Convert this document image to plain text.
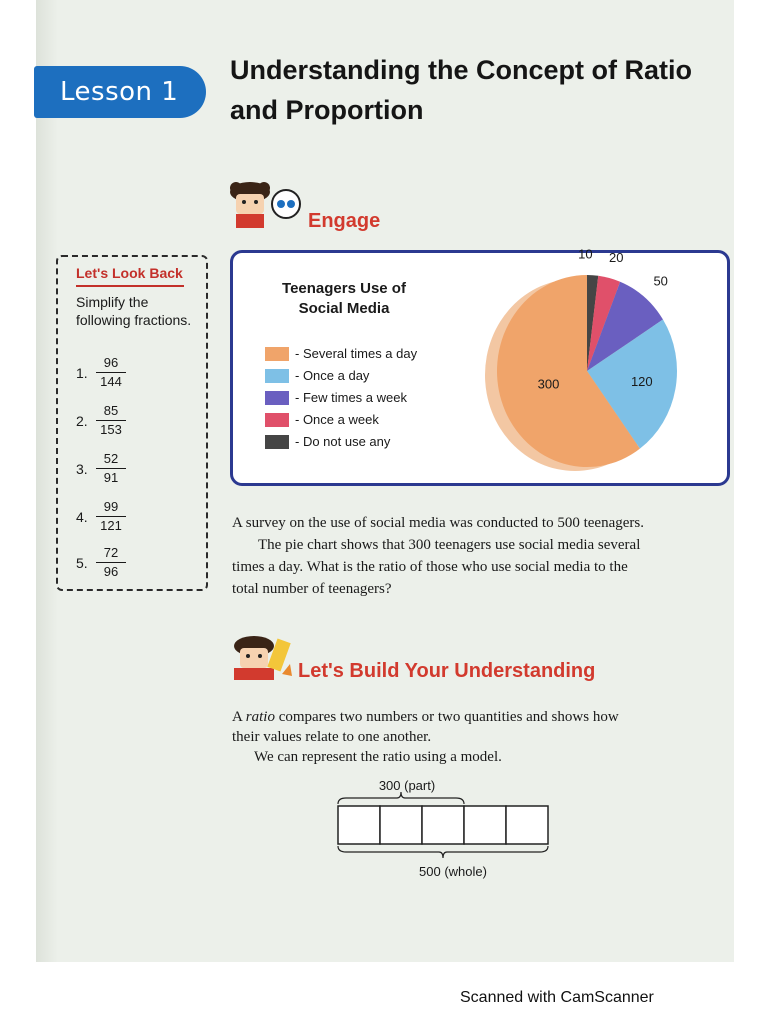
Lesson 1
Understanding the Concept of Ratio
and Proportion
Engage
Let's Look Back
Simplify the following fractions.
1.
96
144
2.
85
153
3.
52
91
4.
99
121
5.
72
96
Teenagers Use of Social Media
- Several times a day
- Once a day
- Few times a week
- Once a week
- Do not use any
300	120
50
20
10
A survey on the use of social media was conducted to 500 teenagers.
The pie chart shows that 300 teenagers use social media several
times a day. What is the ratio of those who use social media to the
total number of teenagers?
Let's Build Your Understanding
A ratio compares two numbers or two quantities and shows how
their values relate to one another.
We can represent the ratio using a model.
300 (part)
500 (whole)
Scanned with CamScanner
